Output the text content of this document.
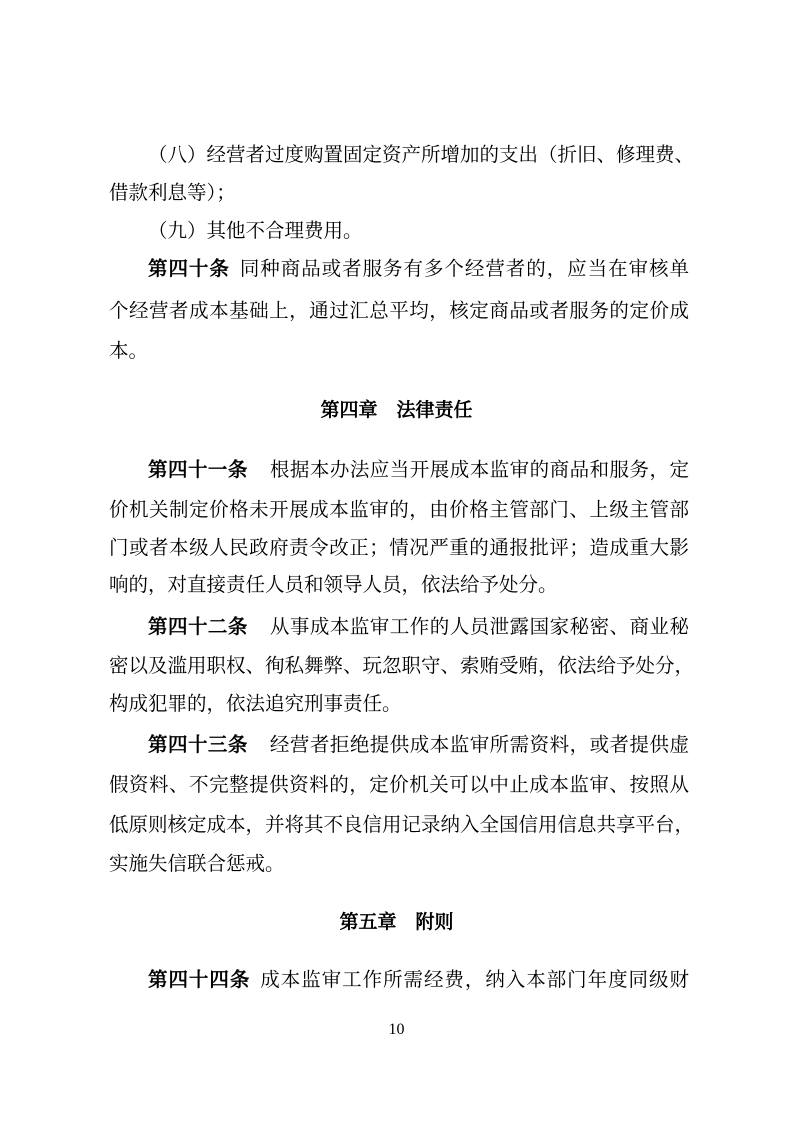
（八）经营者过度购置固定资产所增加的支出（折旧、修理费、
借款利息等）；
（九）其他不合理费用。
第四十条 同种商品或者服务有多个经营者的，应当在审核单
个经营者成本基础上，通过汇总平均，核定商品或者服务的定价成
本。
第四章　法律责任
第四十一条 根据本办法应当开展成本监审的商品和服务，定
价机关制定价格未开展成本监审的，由价格主管部门、上级主管部
门或者本级人民政府责令改正；情况严重的通报批评；造成重大影
响的，对直接责任人员和领导人员，依法给予处分。
第四十二条 从事成本监审工作的人员泄露国家秘密、商业秘
密以及滥用职权、徇私舞弊、玩忽职守、索贿受贿，依法给予处分，
构成犯罪的，依法追究刑事责任。
第四十三条 经营者拒绝提供成本监审所需资料，或者提供虚
假资料、不完整提供资料的，定价机关可以中止成本监审、按照从
低原则核定成本，并将其不良信用记录纳入全国信用信息共享平台，
实施失信联合惩戒。
第五章　附则
第四十四条 成本监审工作所需经费，纳入本部门年度同级财
10
